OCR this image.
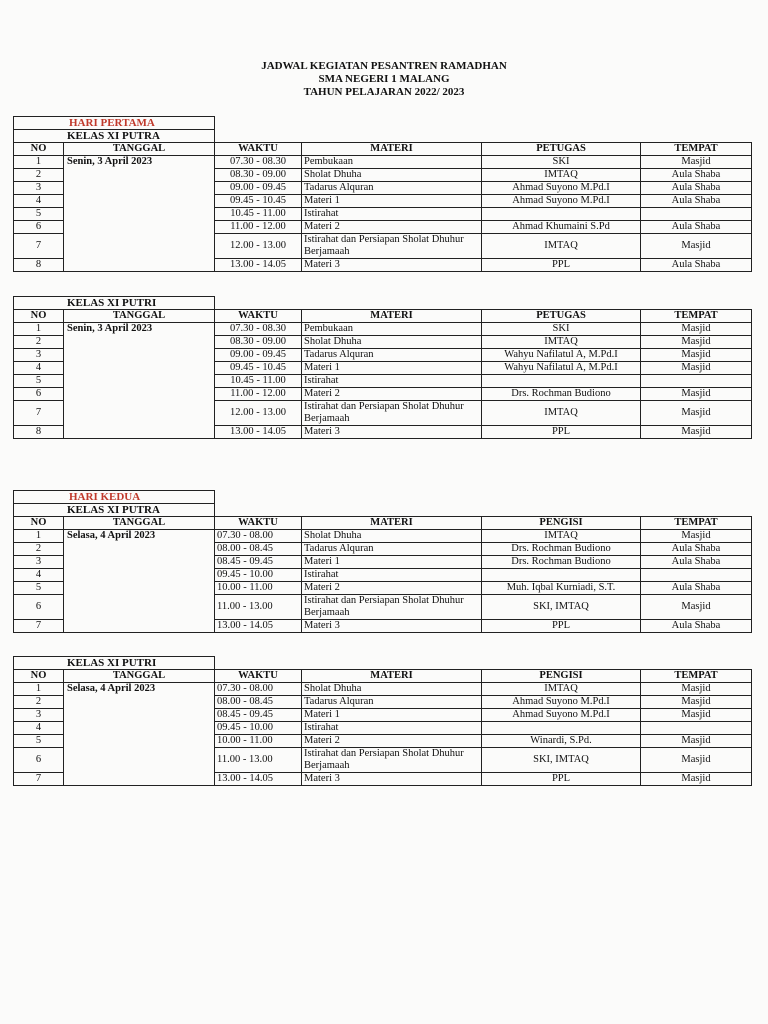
JADWAL KEGIATAN PESANTREN RAMADHAN
SMA NEGERI 1 MALANG
TAHUN PELAJARAN 2022/ 2023
HARI PERTAMA
KELAS XI PUTRA
NO	TANGGAL	WAKTU	MATERI	PETUGAS	TEMPAT
1	Senin, 3 April 2023	07.30 - 08.30	Pembukaan	SKI	Masjid
2		08.30 - 09.00	Sholat Dhuha	IMTAQ	Aula Shaba
3		09.00 - 09.45	Tadarus Alquran	Ahmad Suyono M.Pd.I	Aula Shaba
4		09.45 - 10.45	Materi 1	Ahmad Suyono M.Pd.I	Aula Shaba
5		10.45 - 11.00	Istirahat		
6		11.00 - 12.00	Materi 2	Ahmad Khumaini S.Pd	Aula Shaba
7		12.00 - 13.00	Istirahat dan Persiapan Sholat Dhuhur Berjamaah	IMTAQ	Masjid
8		13.00 - 14.05	Materi 3	PPL	Aula Shaba
KELAS XI PUTRI
NO	TANGGAL	WAKTU	MATERI	PETUGAS	TEMPAT
1	Senin, 3 April 2023	07.30 - 08.30	Pembukaan	SKI	Masjid
2		08.30 - 09.00	Sholat Dhuha	IMTAQ	Masjid
3		09.00 - 09.45	Tadarus Alquran	Wahyu Nafilatul A, M.Pd.I	Masjid
4		09.45 - 10.45	Materi 1	Wahyu Nafilatul A, M.Pd.I	Masjid
5		10.45 - 11.00	Istirahat		
6		11.00 - 12.00	Materi 2	Drs. Rochman Budiono	Masjid
7		12.00 - 13.00	Istirahat dan Persiapan Sholat Dhuhur Berjamaah	IMTAQ	Masjid
8		13.00 - 14.05	Materi 3	PPL	Masjid
HARI KEDUA
KELAS XI PUTRA
NO	TANGGAL	WAKTU	MATERI	PENGISI	TEMPAT
1	Selasa, 4 April 2023	07.30 - 08.00	Sholat Dhuha	IMTAQ	Masjid
2		08.00 - 08.45	Tadarus Alquran	Drs. Rochman Budiono	Aula Shaba
3		08.45 - 09.45	Materi 1	Drs. Rochman Budiono	Aula Shaba
4		09.45 - 10.00	Istirahat		
5		10.00 - 11.00	Materi 2	Muh. Iqbal Kurniadi, S.T.	Aula Shaba
6		11.00 - 13.00	Istirahat dan Persiapan Sholat Dhuhur Berjamaah	SKI, IMTAQ	Masjid
7		13.00 - 14.05	Materi 3	PPL	Aula Shaba
KELAS XI PUTRI
NO	TANGGAL	WAKTU	MATERI	PENGISI	TEMPAT
1	Selasa, 4 April 2023	07.30 - 08.00	Sholat Dhuha	IMTAQ	Masjid
2		08.00 - 08.45	Tadarus Alquran	Ahmad Suyono M.Pd.I	Masjid
3		08.45 - 09.45	Materi 1	Ahmad Suyono M.Pd.I	Masjid
4		09.45 - 10.00	Istirahat		
5		10.00 - 11.00	Materi 2	Winardi, S.Pd.	Masjid
6		11.00 - 13.00	Istirahat dan Persiapan Sholat Dhuhur Berjamaah	SKI, IMTAQ	Masjid
7		13.00 - 14.05	Materi 3	PPL	Masjid
